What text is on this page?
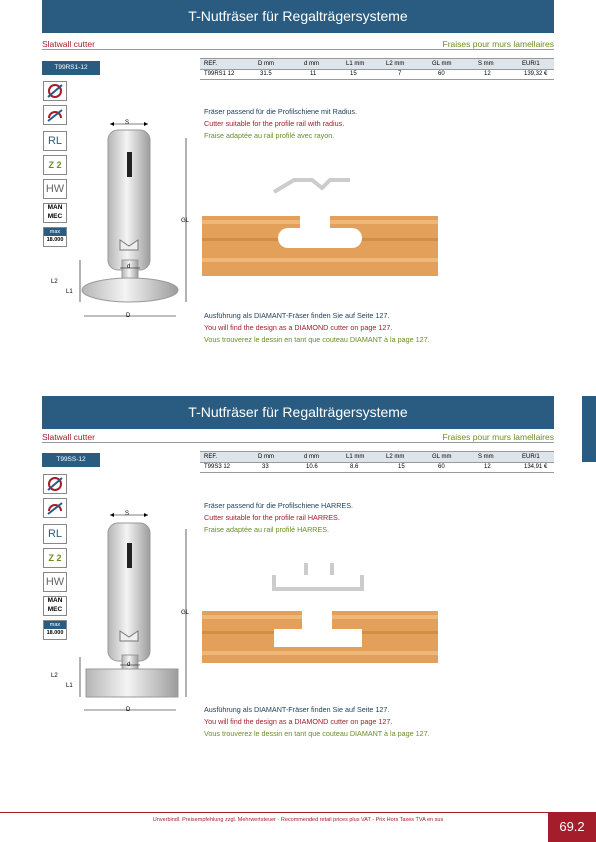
T-Nutfräser für Regalträgersysteme
Slatwall cutter	Fraises pour murs lamellaires
T99RS1-12	REF.	D mm	d mm	L1 mm	L2 mm	GL mm	S mm	EUR/1
T99RS1 12	31.5	11	15	7	60	12	139,32 €
RL
Z 2
HW
MAN
MEC
max
18.000
S
GL
d
L2
L1
D
Fräser passend für die Profilschiene mit Radius.
Cutter suitable for the profile rail with radius.
Fraise adaptée au rail profilé avec rayon.
Ausführung als DIAMANT-Fräser finden Sie auf Seite 127.
You will find the design as a DIAMOND cutter on page 127.
Vous trouverez le dessin en tant que couteau DIAMANT à la page 127.
T-Nutfräser für Regalträgersysteme
Slatwall cutter	Fraises pour murs lamellaires
T99SS-12	REF.	D mm	d mm	L1 mm	L2 mm	GL mm	S mm	EUR/1
T99S3 12	33	10.6	8.6	15	60	12	134,91 €
RL
Z 2
HW
MAN
MEC
max
18.000
S
GL
d
L2
L1
D
Fräser passend für die Profilschiene HARRES.
Cutter suitable for the profile rail HARRES.
Fraise adaptée au rail profilé HARRES.
Ausführung als DIAMANT-Fräser finden Sie auf Seite 127.
You will find the design as a DIAMOND cutter on page 127.
Vous trouverez le dessin en tant que couteau DIAMANT à la page 127.
Unverbindl. Preisempfehlung zzgl. Mehrwertsteuer - Recommended retail prices plus VAT - Prix Hors Taxes TVA en sus	69.2
